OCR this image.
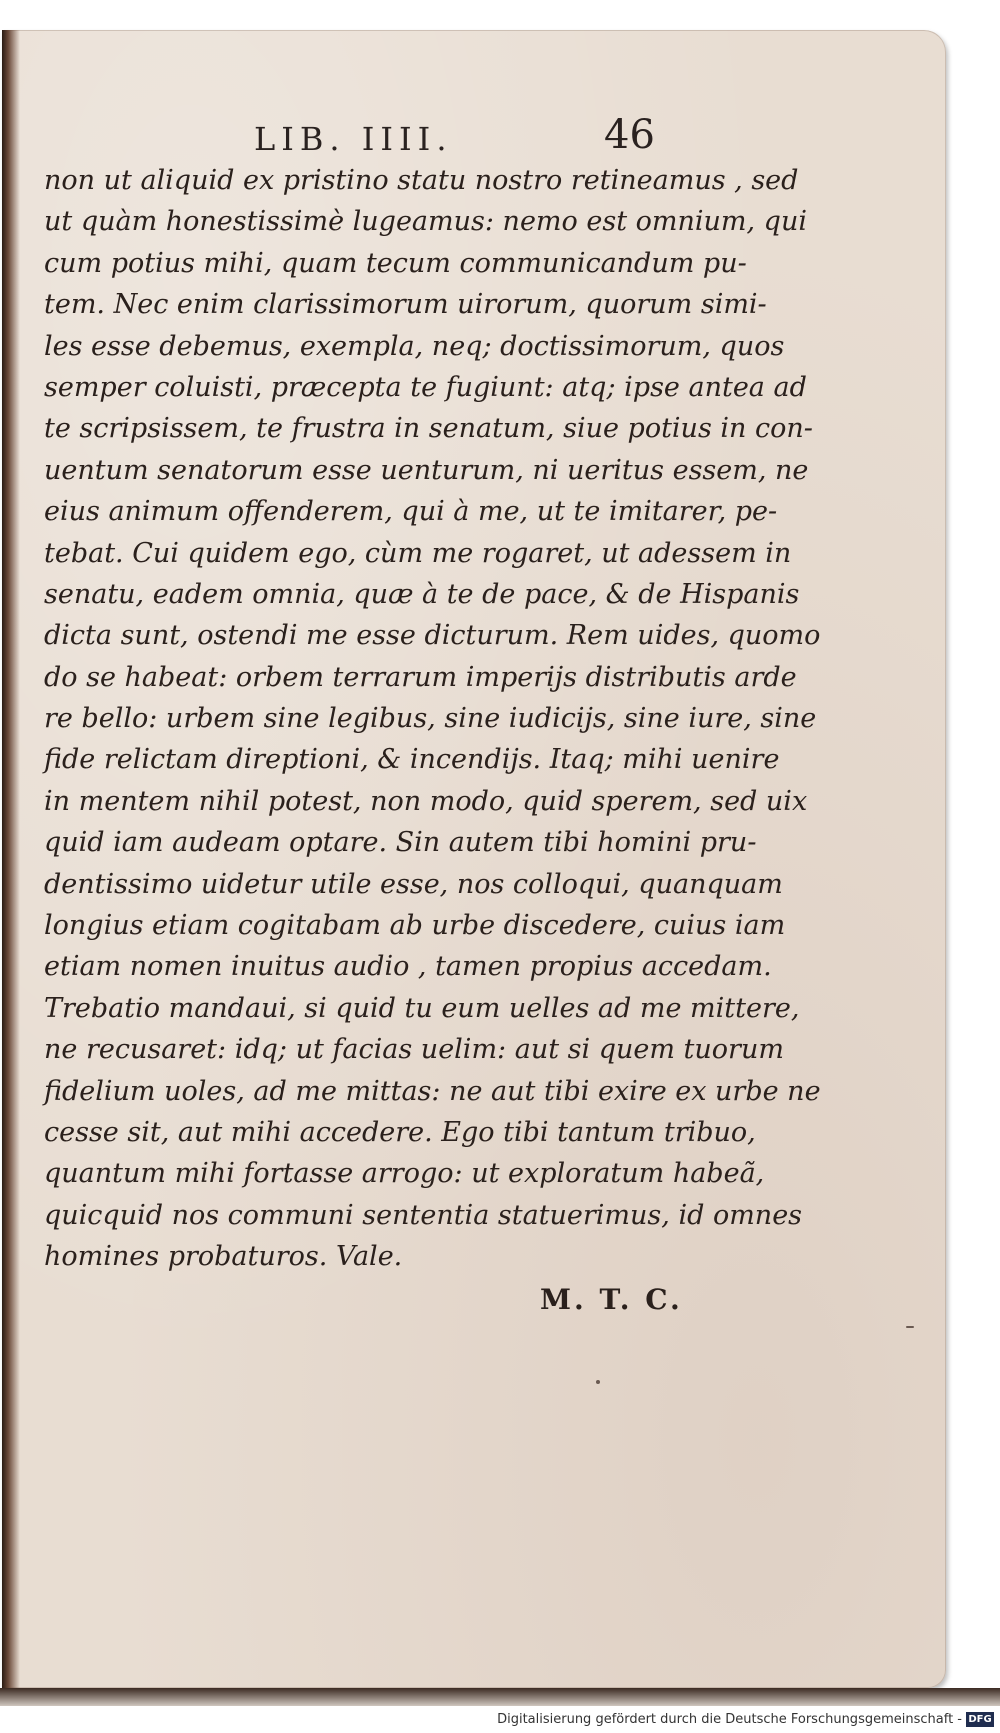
LIB. IIII.	46
non ut aliquid ex pristino statu nostro retineamus , sed
ut quàm honestissimè lugeamus: nemo est omnium, qui
cum potius mihi, quam tecum communicandum pu-
tem. Nec enim clarissimorum uirorum, quorum simi-
les esse debemus, exempla, neq; doctissimorum, quos
semper coluisti, præcepta te fugiunt: atq; ipse antea ad
te scripsissem, te frustra in senatum, siue potius in con-
uentum senatorum esse uenturum, ni ueritus essem, ne
eius animum offenderem, qui à me, ut te imitarer, pe-
tebat. Cui quidem ego, cùm me rogaret, ut adessem in
senatu, eadem omnia, quæ à te de pace, & de Hispanis
dicta sunt, ostendi me esse dicturum. Rem uides, quomo
do se habeat: orbem terrarum imperijs distributis arde
re bello: urbem sine legibus, sine iudicijs, sine iure, sine
fide relictam direptioni, & incendijs. Itaq; mihi uenire
in mentem nihil potest, non modo, quid sperem, sed uix
quid iam audeam optare. Sin autem tibi homini pru-
dentissimo uidetur utile esse, nos colloqui, quanquam
longius etiam cogitabam ab urbe discedere, cuius iam
etiam nomen inuitus audio , tamen propius accedam.
Trebatio mandaui, si quid tu eum uelles ad me mittere,
ne recusaret: idq; ut facias uelim: aut si quem tuorum
fidelium uoles, ad me mittas: ne aut tibi exire ex urbe ne
cesse sit, aut mihi accedere. Ego tibi tantum tribuo,
quantum mihi fortasse arrogo: ut exploratum habeã,
quicquid nos communi sententia statuerimus, id omnes
homines probaturos. Vale.
M. T. C.
Digitalisierung gefördert durch die Deutsche Forschungsgemeinschaft - DFG
